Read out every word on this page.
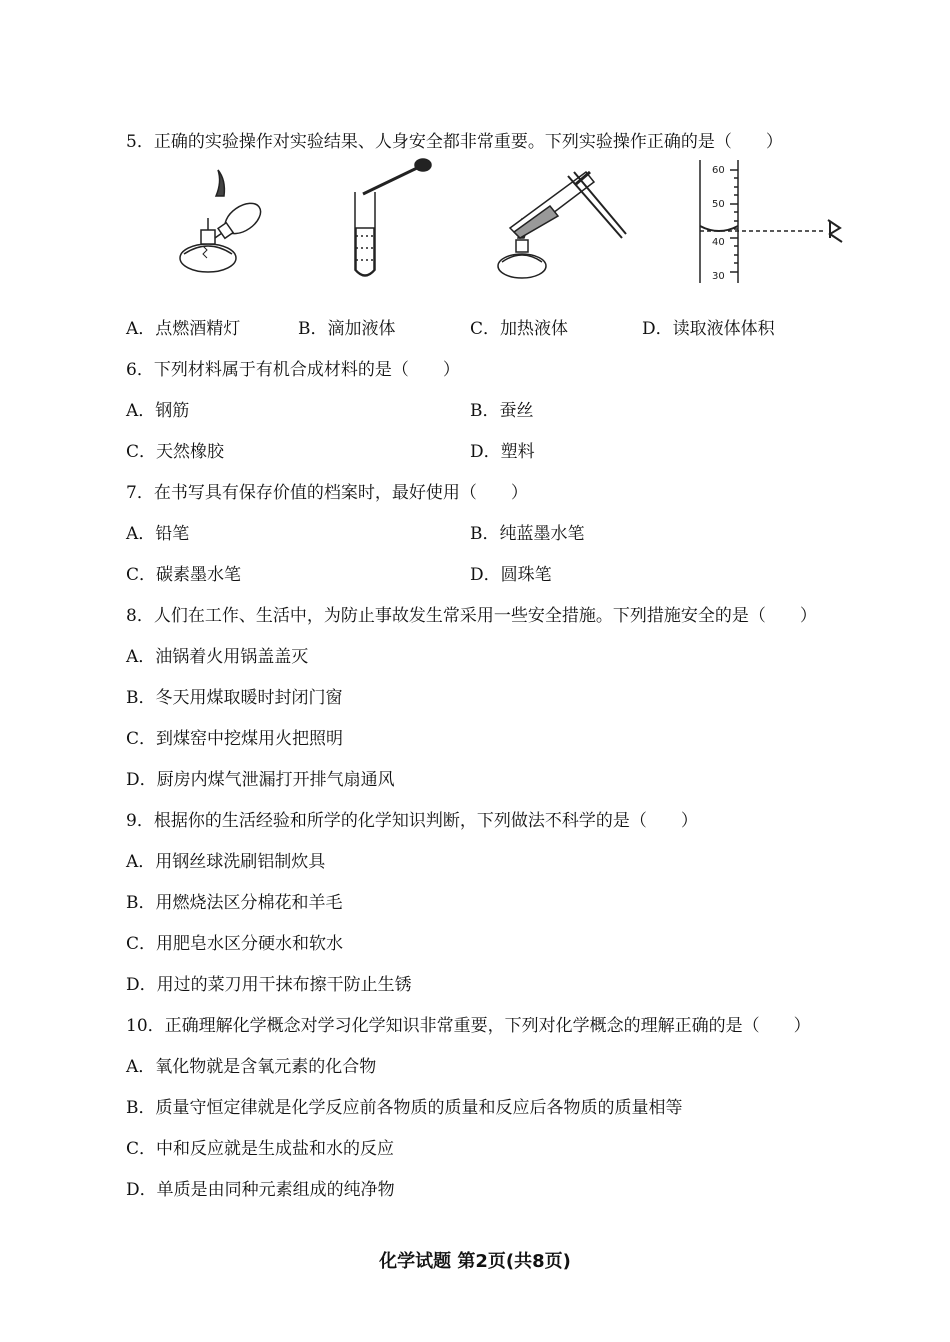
5．正确的实验操作对实验结果、人身安全都非常重要。下列实验操作正确的是（　　）
60
50
40
30
A．点燃酒精灯	B．滴加液体	C．加热液体	D．读取液体体积
6．下列材料属于有机合成材料的是（　　）
A．钢筋	B．蚕丝
C．天然橡胶	D．塑料
7．在书写具有保存价值的档案时，最好使用（　　）
A．铅笔	B．纯蓝墨水笔
C．碳素墨水笔	D．圆珠笔
8．人们在工作、生活中，为防止事故发生常采用一些安全措施。下列措施安全的是（　　）
A．油锅着火用锅盖盖灭
B．冬天用煤取暖时封闭门窗
C．到煤窑中挖煤用火把照明
D．厨房内煤气泄漏打开排气扇通风
9．根据你的生活经验和所学的化学知识判断，下列做法不科学的是（　　）
A．用钢丝球洗刷铝制炊具
B．用燃烧法区分棉花和羊毛
C．用肥皂水区分硬水和软水
D．用过的菜刀用干抹布擦干防止生锈
10．正确理解化学概念对学习化学知识非常重要，下列对化学概念的理解正确的是（　　）
A．氧化物就是含氧元素的化合物
B．质量守恒定律就是化学反应前各物质的质量和反应后各物质的质量相等
C．中和反应就是生成盐和水的反应
D．单质是由同种元素组成的纯净物
化学试题 第2页(共8页)
